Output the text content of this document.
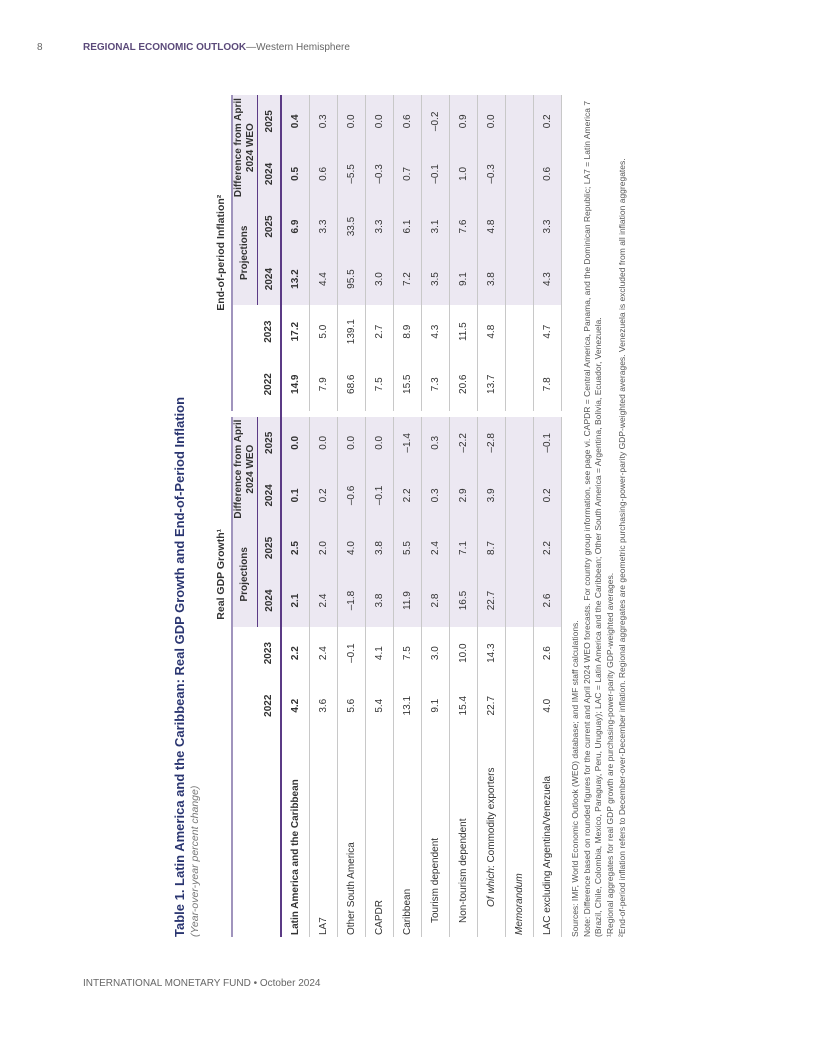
8	REGIONAL ECONOMIC OUTLOOK—Western Hemisphere

Table 1. Latin America and the Caribbean: Real GDP Growth and End-of-Period Inflation (Year-over-year percent change)

	Real GDP Growth¹							End-of-period Inflation²					
			Projections		Difference from April 2024 WEO					Projections		Difference from April 2024 WEO	
	2022	2023	2024	2025	2024	2025		2022	2023	2024	2025	2024	2025
Latin America and the Caribbean	4.2	2.2	2.1	2.5	0.1	0.0		14.9	17.2	13.2	6.9	0.5	0.4
LA7	3.6	2.4	2.4	2.0	0.2	0.0		7.9	5.0	4.4	3.3	0.6	0.3
Other South America	5.6	–0.1	–1.8	4.0	–0.6	0.0		68.6	139.1	95.5	33.5	–5.5	0.0
CAPDR	5.4	4.1	3.8	3.8	–0.1	0.0		7.5	2.7	3.0	3.3	–0.3	0.0
Caribbean	13.1	7.5	11.9	5.5	2.2	–1.4		15.5	8.9	7.2	6.1	0.7	0.6
Tourism dependent	9.1	3.0	2.8	2.4	0.3	0.3		7.3	4.3	3.5	3.1	–0.1	–0.2
Non-tourism dependent	15.4	10.0	16.5	7.1	2.9	–2.2		20.6	11.5	9.1	7.6	1.0	0.9
Of which: Commodity exporters	22.7	14.3	22.7	8.7	3.9	–2.8		13.7	4.8	3.8	4.8	–0.3	0.0
Memorandum													
LAC excluding Argentina/Venezuela	4.0	2.6	2.6	2.2	0.2	–0.1		7.8	4.7	4.3	3.3	0.6	0.2

Sources: IMF, World Economic Outlook (WEO) database; and IMF staff calculations. Note: Difference based on rounded figures for the current and April 2024 WEO forecasts. For country group information, see page vi. CAPDR = Central America, Panama, and the Dominican Republic; LA7 = Latin America 7 (Brazil, Chile, Colombia, Mexico, Paraguay, Peru, Uruguay); LAC = Latin America and the Caribbean; Other South America = Argentina, Bolivia, Ecuador, Venezuela. ¹Regional aggregates for real GDP growth are purchasing-power-parity GDP-weighted averages. ²End-of-period inflation refers to December-over-December inflation. Regional aggregates are geometric purchasing-power-parity GDP-weighted averages. Venezuela is excluded from all inflation aggregates.

INTERNATIONAL MONETARY FUND • October 2024
